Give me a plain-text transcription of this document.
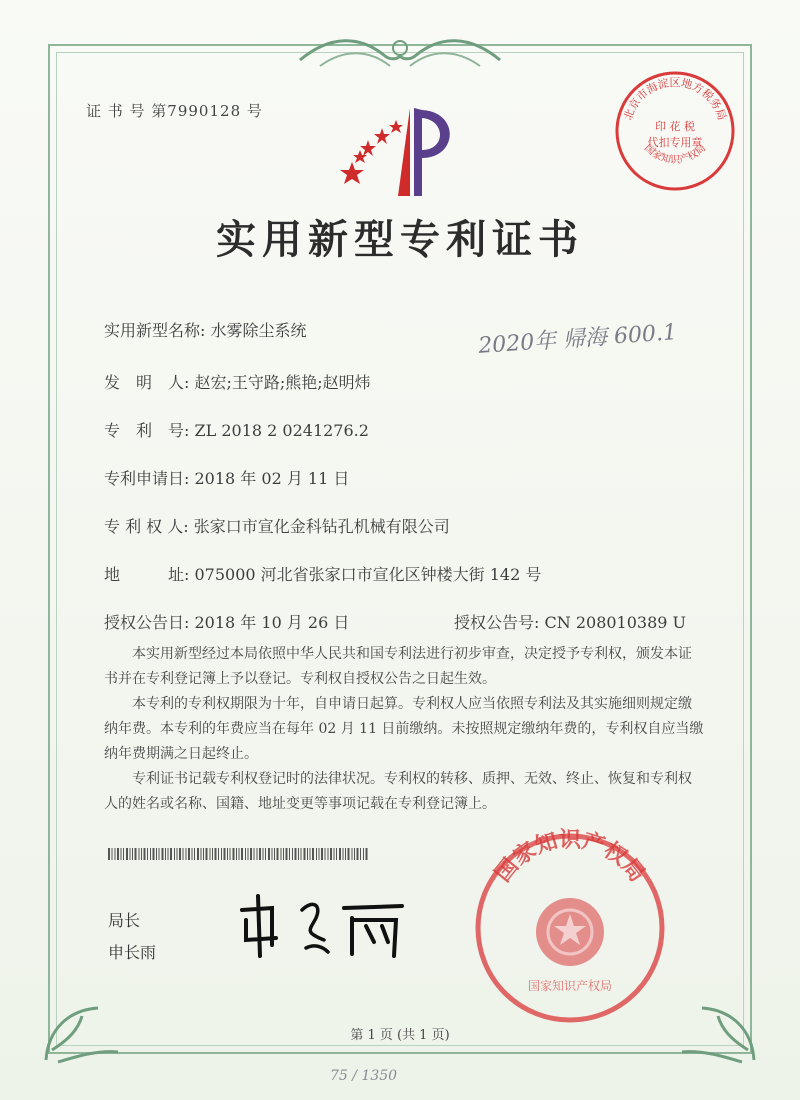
证 书 号 第7990128 号
实用新型专利证书
北京市海淀区地方税务局
印 花 税
代扣专用章
国家知识产权局
实用新型名称: 水雾除尘系统	2020年 帰海 600.1
发　明　人: 赵宏;王守路;熊艳;赵明炜
专　利　号: ZL 2018 2 0241276.2
专利申请日: 2018 年 02 月 11 日
专 利 权 人: 张家口市宣化金科钻孔机械有限公司
地　　　址: 075000 河北省张家口市宣化区钟楼大街 142 号
授权公告日: 2018 年 10 月 26 日	授权公告号: CN 208010389 U
本实用新型经过本局依照中华人民共和国专利法进行初步审查，决定授予专利权，颁发本证书并在专利登记簿上予以登记。专利权自授权公告之日起生效。
本专利的专利权期限为十年，自申请日起算。专利权人应当依照专利法及其实施细则规定缴纳年费。本专利的年费应当在每年 02 月 11 日前缴纳。未按照规定缴纳年费的，专利权自应当缴纳年费期满之日起终止。
专利证书记载专利权登记时的法律状况。专利权的转移、质押、无效、终止、恢复和专利权人的姓名或名称、国籍、地址变更等事项记载在专利登记簿上。
局长
申长雨
国家知识产权局
国家知识产权局
第 1 页 (共 1 页)
75 / 1350
